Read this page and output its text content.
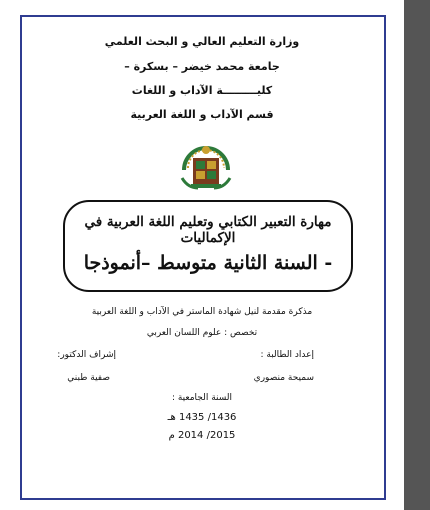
وزارة التعليم العالي و البحث العلمي
جامعة محمد خيضر – بسكرة –
كليـــــــــة الآداب و اللغات
قسم الآداب و اللغة العربية
مهارة التعبير الكتابي وتعليم اللغة العربية في الإكماليات
- السنة الثانية متوسط –أنموذجا
مذكرة مقدمة لنيل شهادة الماستر في الآداب و اللغة العربية
تخصص : علوم اللسان العربي
إعداد الطالبة :
إشراف الدكتور:
سميحة منصوري
صفية طبني
السنة الجامعية :
1436/ 1435 هـ
2015/ 2014 م
